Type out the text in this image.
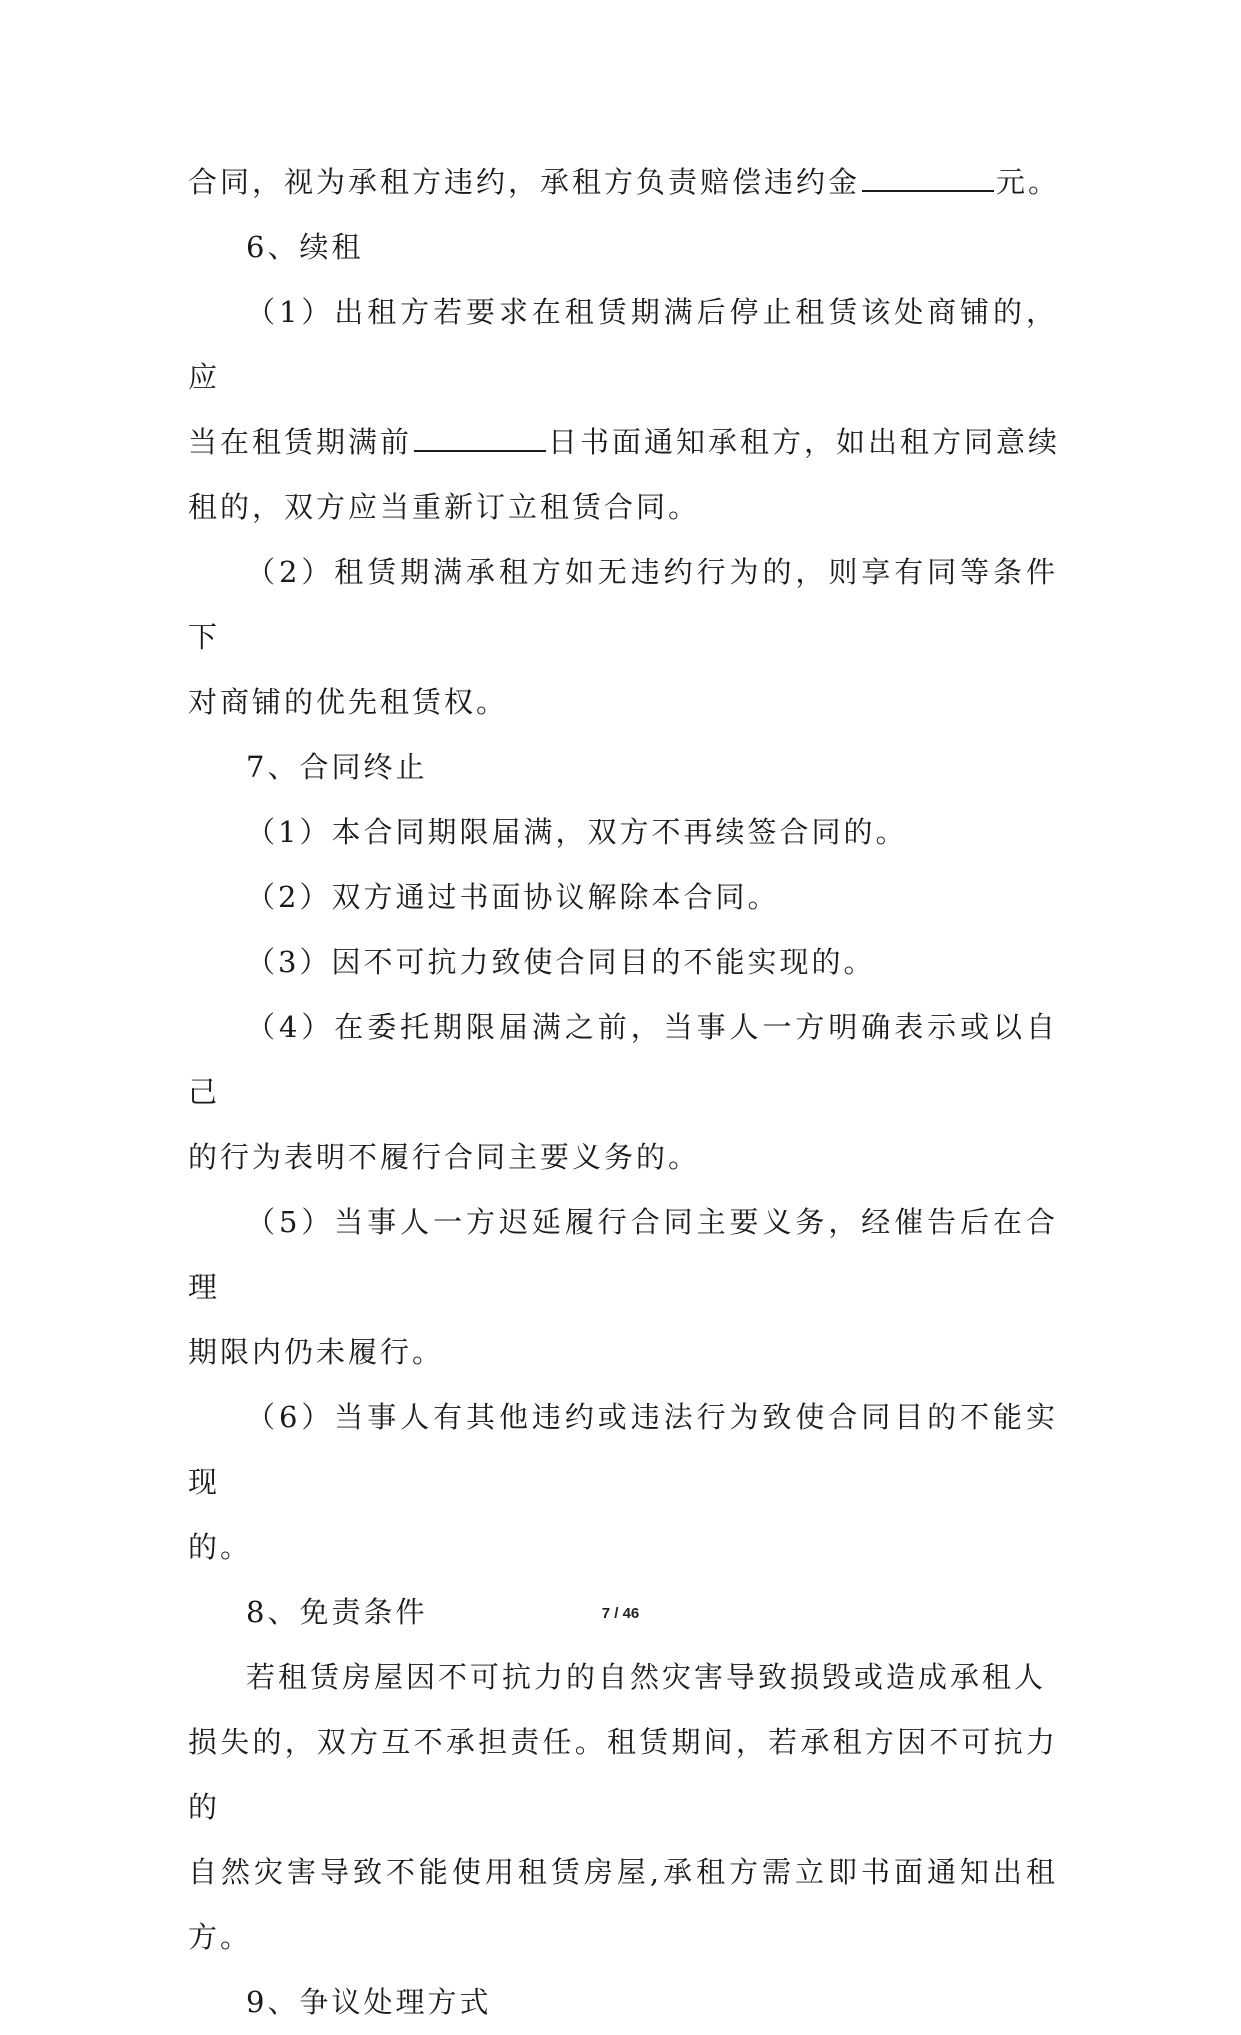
合同，视为承租方违约，承租方负责赔偿违约金	元。

6、续租

（1）出租方若要求在租赁期满后停止租赁该处商铺的，应

当在租赁期满前	日书面通知承租方，如出租方同意续

租的，双方应当重新订立租赁合同。

（2）租赁期满承租方如无违约行为的，则享有同等条件下

对商铺的优先租赁权。

7、合同终止

（1）本合同期限届满，双方不再续签合同的。

（2）双方通过书面协议解除本合同。

（3）因不可抗力致使合同目的不能实现的。

（4）在委托期限届满之前，当事人一方明确表示或以自己

的行为表明不履行合同主要义务的。

（5）当事人一方迟延履行合同主要义务，经催告后在合理

期限内仍未履行。

（6）当事人有其他违约或违法行为致使合同目的不能实现

的。

8、免责条件

若租赁房屋因不可抗力的自然灾害导致损毁或造成承租人

损失的，双方互不承担责任。租赁期间，若承租方因不可抗力的

自然灾害导致不能使用租赁房屋,承租方需立即书面通知出租方。

9、争议处理方式

7 / 46
